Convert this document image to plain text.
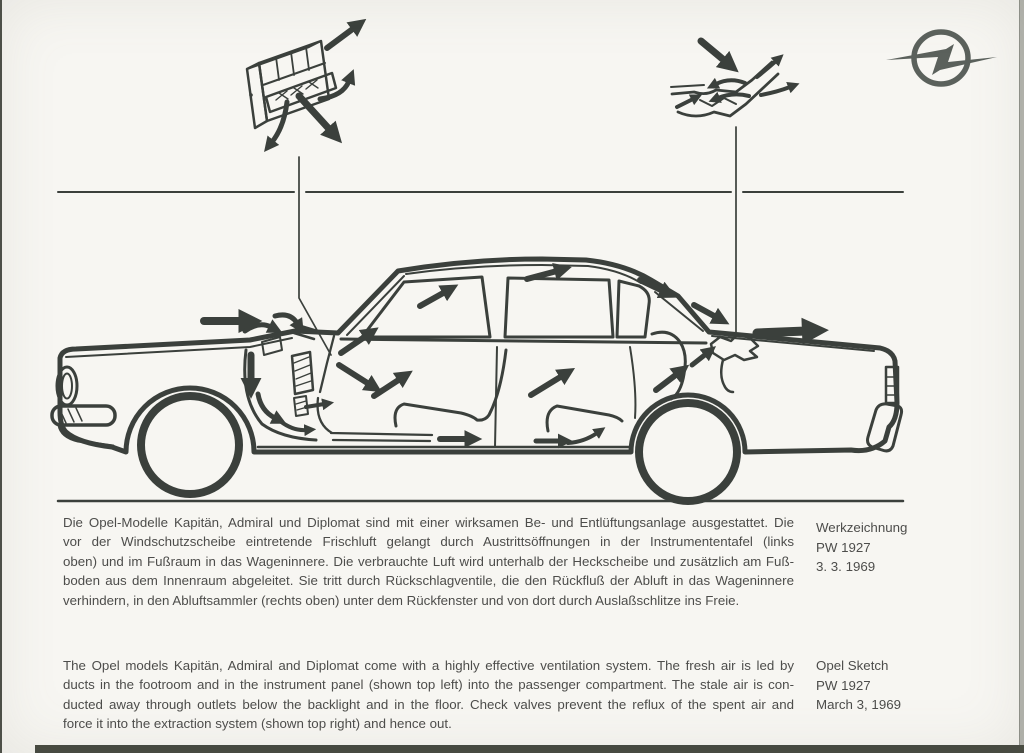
Die Opel-Modelle Kapitän, Admiral und Diplomat sind mit einer wirksamen Be- und Entlüftungsanlage ausgestattet. Die
vor der Windschutzscheibe eintretende Frischluft gelangt durch Austrittsöffnungen in der Instrumententafel (links
oben) und im Fußraum in das Wageninnere. Die verbrauchte Luft wird unterhalb der Heckscheibe und zusätzlich am Fuß-
boden aus dem Innenraum abgeleitet. Sie tritt durch Rückschlagventile, die den Rückfluß der Abluft in das Wageninnere
verhindern, in den Abluftsammler (rechts oben) unter dem Rückfenster und von dort durch Auslaßschlitze ins Freie.
Werkzeichnung
PW 1927
3. 3. 1969
The Opel models Kapitän, Admiral and Diplomat come with a highly effective ventilation system. The fresh air is led by
ducts in the footroom and in the instrument panel (shown top left) into the passenger compartment. The stale air is con-
ducted away through outlets below the backlight and in the floor. Check valves prevent the reflux of the spent air and
force it into the extraction system (shown top right) and hence out.
Opel Sketch
PW 1927
March 3, 1969
